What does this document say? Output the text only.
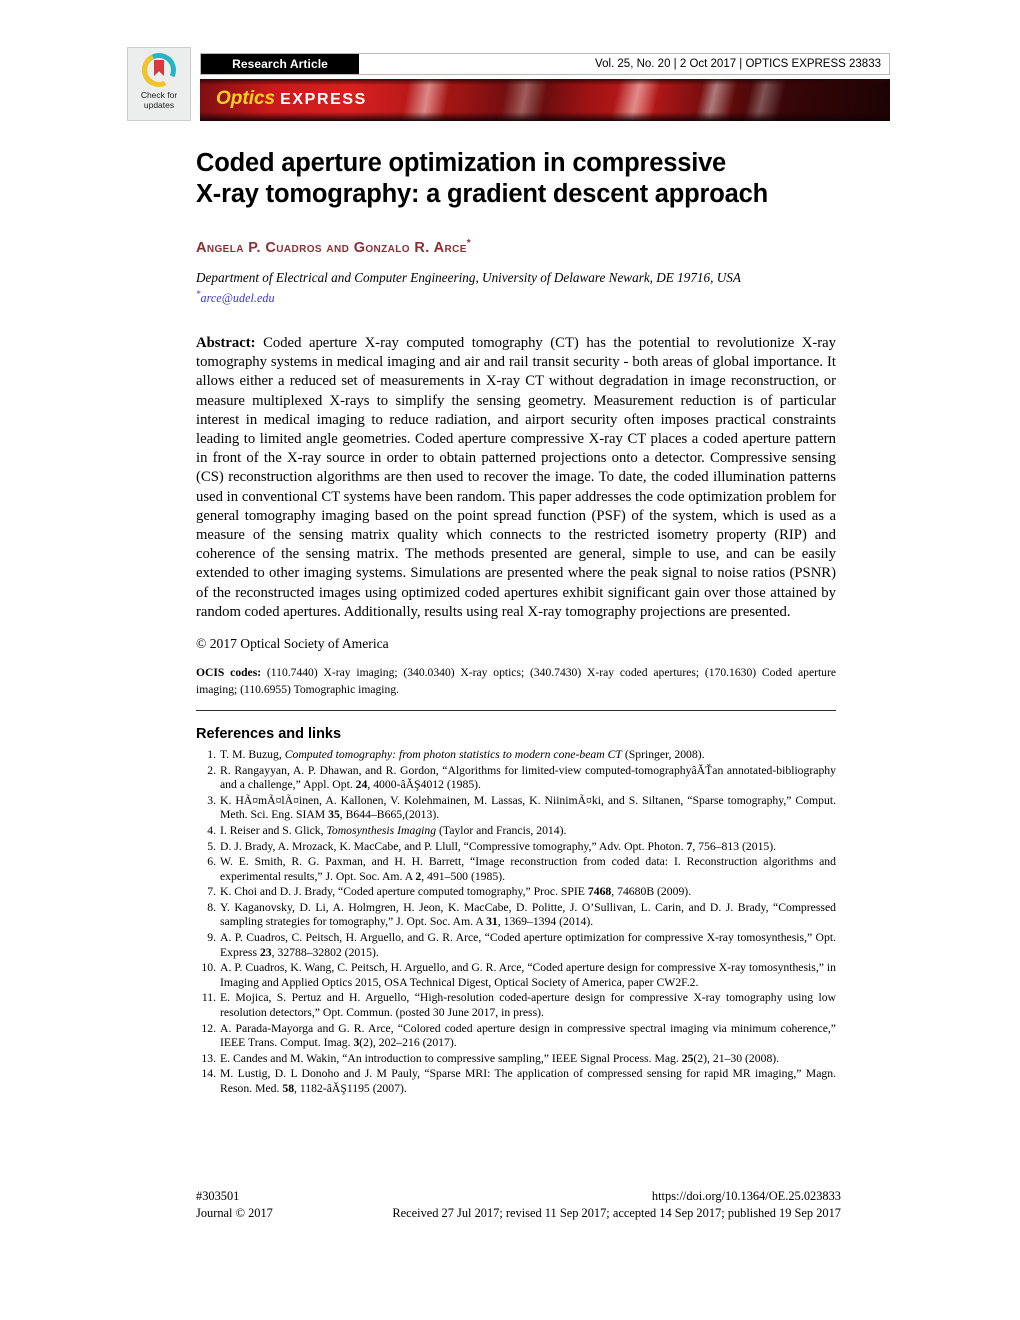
Check for
updates
Research Article	Vol. 25, No. 20 | 2 Oct 2017 | OPTICS EXPRESS 23833
Optics EXPRESS
Coded aperture optimization in compressive
X-ray tomography: a gradient descent approach
Angela P. Cuadros and Gonzalo R. Arce*
Department of Electrical and Computer Engineering, University of Delaware Newark, DE 19716, USA
*arce@udel.edu
Abstract: Coded aperture X-ray computed tomography (CT) has the potential to revolutionize X-ray tomography systems in medical imaging and air and rail transit security - both areas of global importance. It allows either a reduced set of measurements in X-ray CT without degradation in image reconstruction, or measure multiplexed X-rays to simplify the sensing geometry. Measurement reduction is of particular interest in medical imaging to reduce radiation, and airport security often imposes practical constraints leading to limited angle geometries. Coded aperture compressive X-ray CT places a coded aperture pattern in front of the X-ray source in order to obtain patterned projections onto a detector. Compressive sensing (CS) reconstruction algorithms are then used to recover the image. To date, the coded illumination patterns used in conventional CT systems have been random. This paper addresses the code optimization problem for general tomography imaging based on the point spread function (PSF) of the system, which is used as a measure of the sensing matrix quality which connects to the restricted isometry property (RIP) and coherence of the sensing matrix. The methods presented are general, simple to use, and can be easily extended to other imaging systems. Simulations are presented where the peak signal to noise ratios (PSNR) of the reconstructed images using optimized coded apertures exhibit significant gain over those attained by random coded apertures. Additionally, results using real X-ray tomography projections are presented.
© 2017 Optical Society of America
OCIS codes: (110.7440) X-ray imaging; (340.0340) X-ray optics; (340.7430) X-ray coded apertures; (170.1630) Coded aperture imaging; (110.6955) Tomographic imaging.
References and links
1. T. M. Buzug, Computed tomography: from photon statistics to modern cone-beam CT (Springer, 2008).
2. R. Rangayyan, A. P. Dhawan, and R. Gordon, “Algorithms for limited-view computed-tomographyâĂŤan annotated-bibliography and a challenge,” Appl. Opt. 24, 4000-âĂŞ4012 (1985).
3. K. HÃ¤mÃ¤lÃ¤inen, A. Kallonen, V. Kolehmainen, M. Lassas, K. NiinimÃ¤ki, and S. Siltanen, “Sparse tomography,” Comput. Meth. Sci. Eng. SIAM 35, B644–B665,(2013).
4. I. Reiser and S. Glick, Tomosynthesis Imaging (Taylor and Francis, 2014).
5. D. J. Brady, A. Mrozack, K. MacCabe, and P. Llull, “Compressive tomography,” Adv. Opt. Photon. 7, 756–813 (2015).
6. W. E. Smith, R. G. Paxman, and H. H. Barrett, “Image reconstruction from coded data: I. Reconstruction algorithms and experimental results,” J. Opt. Soc. Am. A 2, 491–500 (1985).
7. K. Choi and D. J. Brady, “Coded aperture computed tomography,” Proc. SPIE 7468, 74680B (2009).
8. Y. Kaganovsky, D. Li, A. Holmgren, H. Jeon, K. MacCabe, D. Politte, J. O’Sullivan, L. Carin, and D. J. Brady, “Compressed sampling strategies for tomography,” J. Opt. Soc. Am. A 31, 1369–1394 (2014).
9. A. P. Cuadros, C. Peitsch, H. Arguello, and G. R. Arce, “Coded aperture optimization for compressive X-ray tomosynthesis,” Opt. Express 23, 32788–32802 (2015).
10. A. P. Cuadros, K. Wang, C. Peitsch, H. Arguello, and G. R. Arce, “Coded aperture design for compressive X-ray tomosynthesis,” in Imaging and Applied Optics 2015, OSA Technical Digest, Optical Society of America, paper CW2F.2.
11. E. Mojica, S. Pertuz and H. Arguello, “High-resolution coded-aperture design for compressive X-ray tomography using low resolution detectors,” Opt. Commun. (posted 30 June 2017, in press).
12. A. Parada-Mayorga and G. R. Arce, “Colored coded aperture design in compressive spectral imaging via minimum coherence,” IEEE Trans. Comput. Imag. 3(2), 202–216 (2017).
13. E. Candes and M. Wakin, “An introduction to compressive sampling,” IEEE Signal Process. Mag. 25(2), 21–30 (2008).
14. M. Lustig, D. L Donoho and J. M Pauly, “Sparse MRI: The application of compressed sensing for rapid MR imaging,” Magn. Reson. Med. 58, 1182-âĂŞ1195 (2007).
#303501	https://doi.org/10.1364/OE.25.023833
Journal © 2017	Received 27 Jul 2017; revised 11 Sep 2017; accepted 14 Sep 2017; published 19 Sep 2017
